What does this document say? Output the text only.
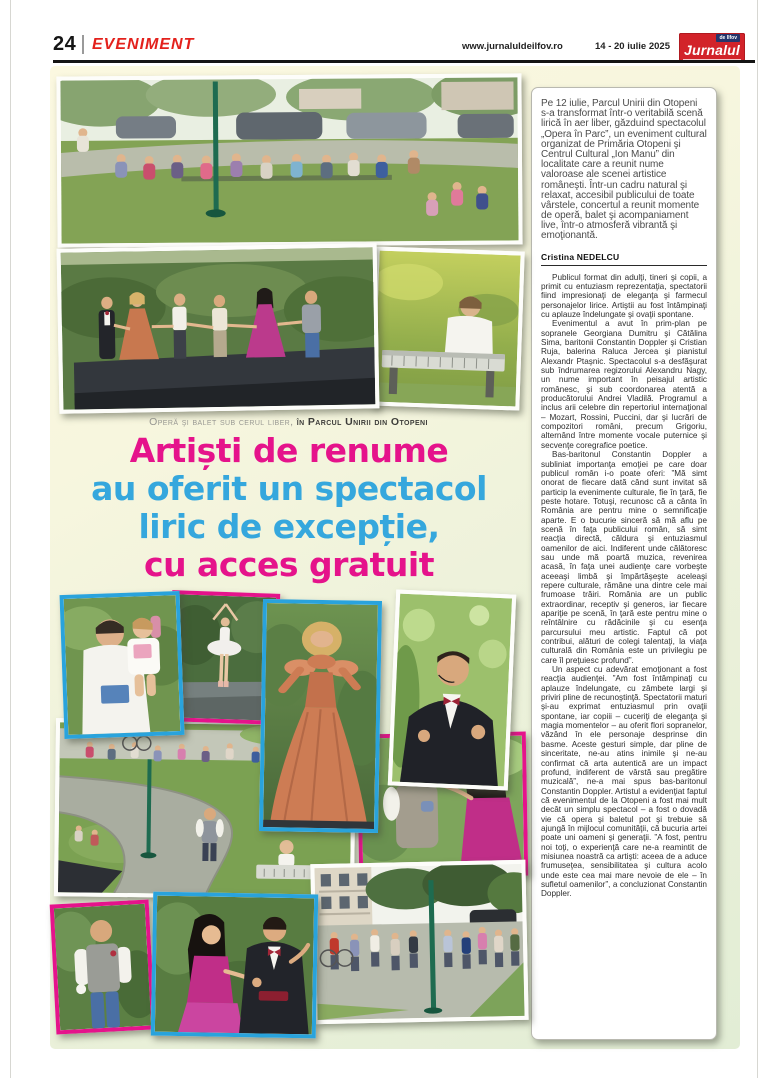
24 EVENIMENT	www.jurnaluldeilfov.ro	14 - 20 iulie 2025
de Ilfov
Jurnalul
Operă şi balet sub cerul liber, în Parcul Unirii din Otopeni
Artiști de renume
au oferit un spectacol
liric de excepție,
cu acces gratuit

Pe 12 iulie, Parcul Unirii din Otopeni s-a transformat într-o veritabilă scenă lirică în aer liber, găzduind spectacolul „Opera în Parc”, un eveniment cultural organizat de Primăria Otopeni şi Centrul Cultural „Ion Manu” din localitate care a reunit nume valoroase ale scenei artistice româneşti. Într-un cadru natural şi relaxat, accesibil publicului de toate vârstele, concertul a reunit momente de operă, balet şi acompaniament live, într-o atmosferă vibrantă şi emoţionantă.

Cristina NEDELCU

Publicul format din adulţi, tineri şi copii, a primit cu entuziasm reprezentaţia, spectatorii fiind impresionaţi de eleganţa şi farmecul personajelor lirice. Artiştii au fost întâmpinaţi cu aplauze îndelungate şi ovaţii spontane.

Evenimentul a avut în prim-plan pe sopranele Georgiana Dumitru şi Cătălina Sima, baritonii Constantin Doppler şi Cristian Ruja, balerina Raluca Jercea şi pianistul Alexandr Ptaşnic. Spectacolul s-a desfăşurat sub îndrumarea regizorului Alexandru Nagy, un nume important în peisajul artistic românesc, şi sub coordonarea atentă a producătorului Andrei Vladilă. Programul a inclus arii celebre din repertoriul internaţional – Mozart, Rossini, Puccini, dar şi lucrări de compozitori români, precum Grigoriu, alternând între momente vocale puternice şi secvenţe coregrafice poetice.

Bas-baritonul Constantin Doppler a subliniat importanţa emoţiei pe care doar publicul român i-o poate oferi: ”Mă simt onorat de fiecare dată când sunt invitat să particip la evenimente culturale, fie în ţară, fie peste hotare. Totuşi, recunosc că a cânta în România are pentru mine o semnificaţie aparte. E o bucurie sinceră să mă aflu pe scenă în faţa publicului român, să simt reacţia directă, căldura şi entuziasmul oamenilor de aici. Indiferent unde călătoresc sau unde mă poartă muzica, revenirea acasă, în faţa unei audienţe care vorbeşte aceeaşi limbă şi împărtăşeşte aceleaşi repere culturale, rămâne una dintre cele mai frumoase trăiri. România are un public extraordinar, receptiv şi generos, iar fiecare apariţie pe scenă, în ţară este pentru mine o reîntâlnire cu rădăcinile şi cu esenţa parcursului meu artistic. Faptul că pot contribui, alături de colegi talentaţi, la viaţa culturală din România este un privilegiu pe care îl preţuiesc profund”.

Un aspect cu adevărat emoţionant a fost reacţia audienţei. ”Am fost întâmpinaţi cu aplauze îndelungate, cu zâmbete largi şi priviri pline de recunoştinţă. Spectatorii maturi şi-au exprimat entuziasmul prin ovaţii spontane, iar copiii – cuceriţi de eleganţa şi magia momentelor – au oferit flori sopranelor, văzând în ele personaje desprinse din basme. Aceste gesturi simple, dar pline de sinceritate, ne-au atins inimile şi ne-au confirmat că arta autentică are un impact profund, indiferent de vârstă sau pregătire muzicală”, ne-a mai spus bas-baritonul Constantin Doppler. Artistul a evidenţiat faptul că evenimentul de la Otopeni a fost mai mult decât un simplu spectacol – a fost o dovadă vie că opera şi baletul pot şi trebuie să ajungă în mijlocul comunităţii, că bucuria artei poate uni oameni şi generaţii. ”A fost, pentru noi toţi, o experienţă care ne-a reamintit de misiunea noastră ca artişti: aceea de a aduce frumuseţea, sensibilitatea şi cultura acolo unde este cea mai mare nevoie de ele – în sufletul oamenilor”, a concluzionat Constantin Doppler.
